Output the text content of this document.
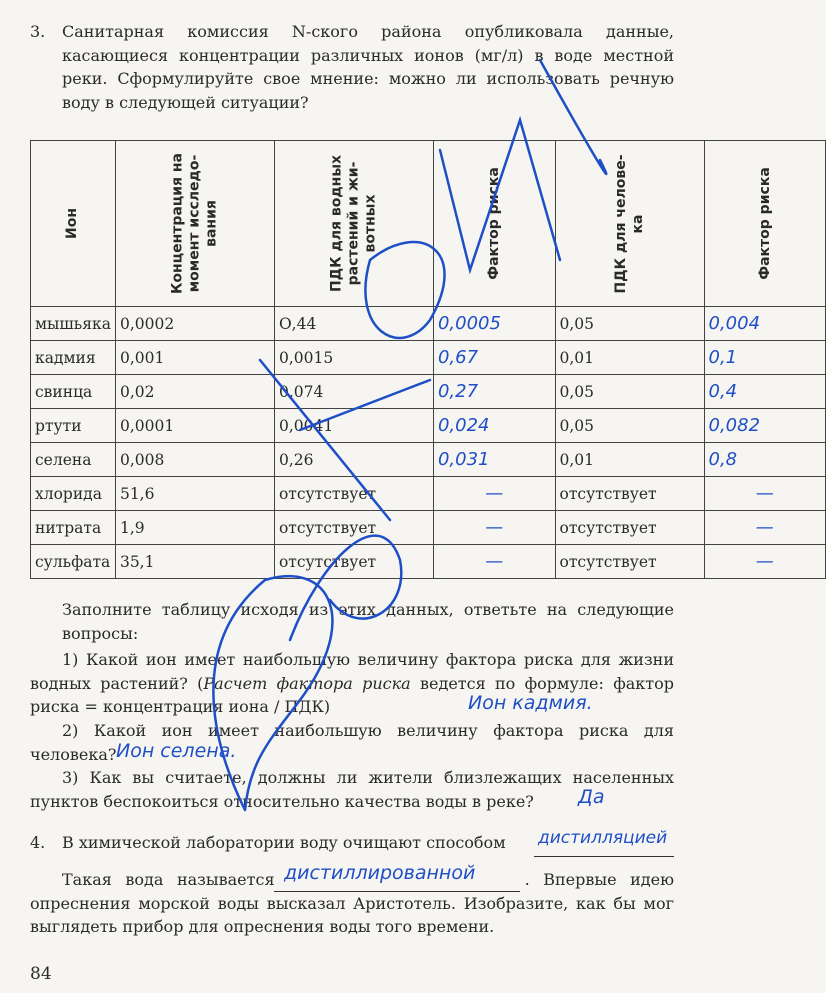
3. Санитарная комиссия N-ского района опубликовала данные, касающиеся концентрации различных ионов (мг/л) в воде местной реки. Сформулируйте свое мнение: можно ли использовать речную воду в следующей ситуации?

Ион	Концентрация на момент исследо-вания	ПДК для водных растений и жи-вотных	Фактор риска	ПДК для челове-ка	Фактор риска
мышьяка	0,0002	О,44	0,0005	0,05	0,004
кадмия	0,001	0,0015	0,67	0,01	0,1
свинца	0,02	0,074	0,27	0,05	0,4
ртути	0,0001	0,0041	0,024	0,05	0,082
селена	0,008	0,26	0,031	0,01	0,8
хлорида	51,6	отсутствует	—	отсутствует	—
нитрата	1,9	отсутствует	—	отсутствует	—
сульфата	35,1	отсутствует	—	отсутствует	—

Заполните таблицу исходя из этих данных, ответьте на следующие вопросы:

1) Какой ион имеет наибольшую величину фактора риска для жизни водных растений? (Расчет фактора риска ведется по формуле: фактор риска = концентрация иона / ПДК)	Ион кадмия.

2) Какой ион имеет наибольшую величину фактора риска для человека? Ион селена.

3) Как вы считаете, должны ли жители близлежащих населенных пунктов беспокоиться относительно качества воды в реке?	Да
4. В химической лаборатории воду очищают способом	дистилляцией

Такая вода называется	. Впервые идею опреснения морской воды высказал Аристотель. Изобразите, как бы мог выглядеть прибор для опреснения воды того времени.

дистиллированной
84
